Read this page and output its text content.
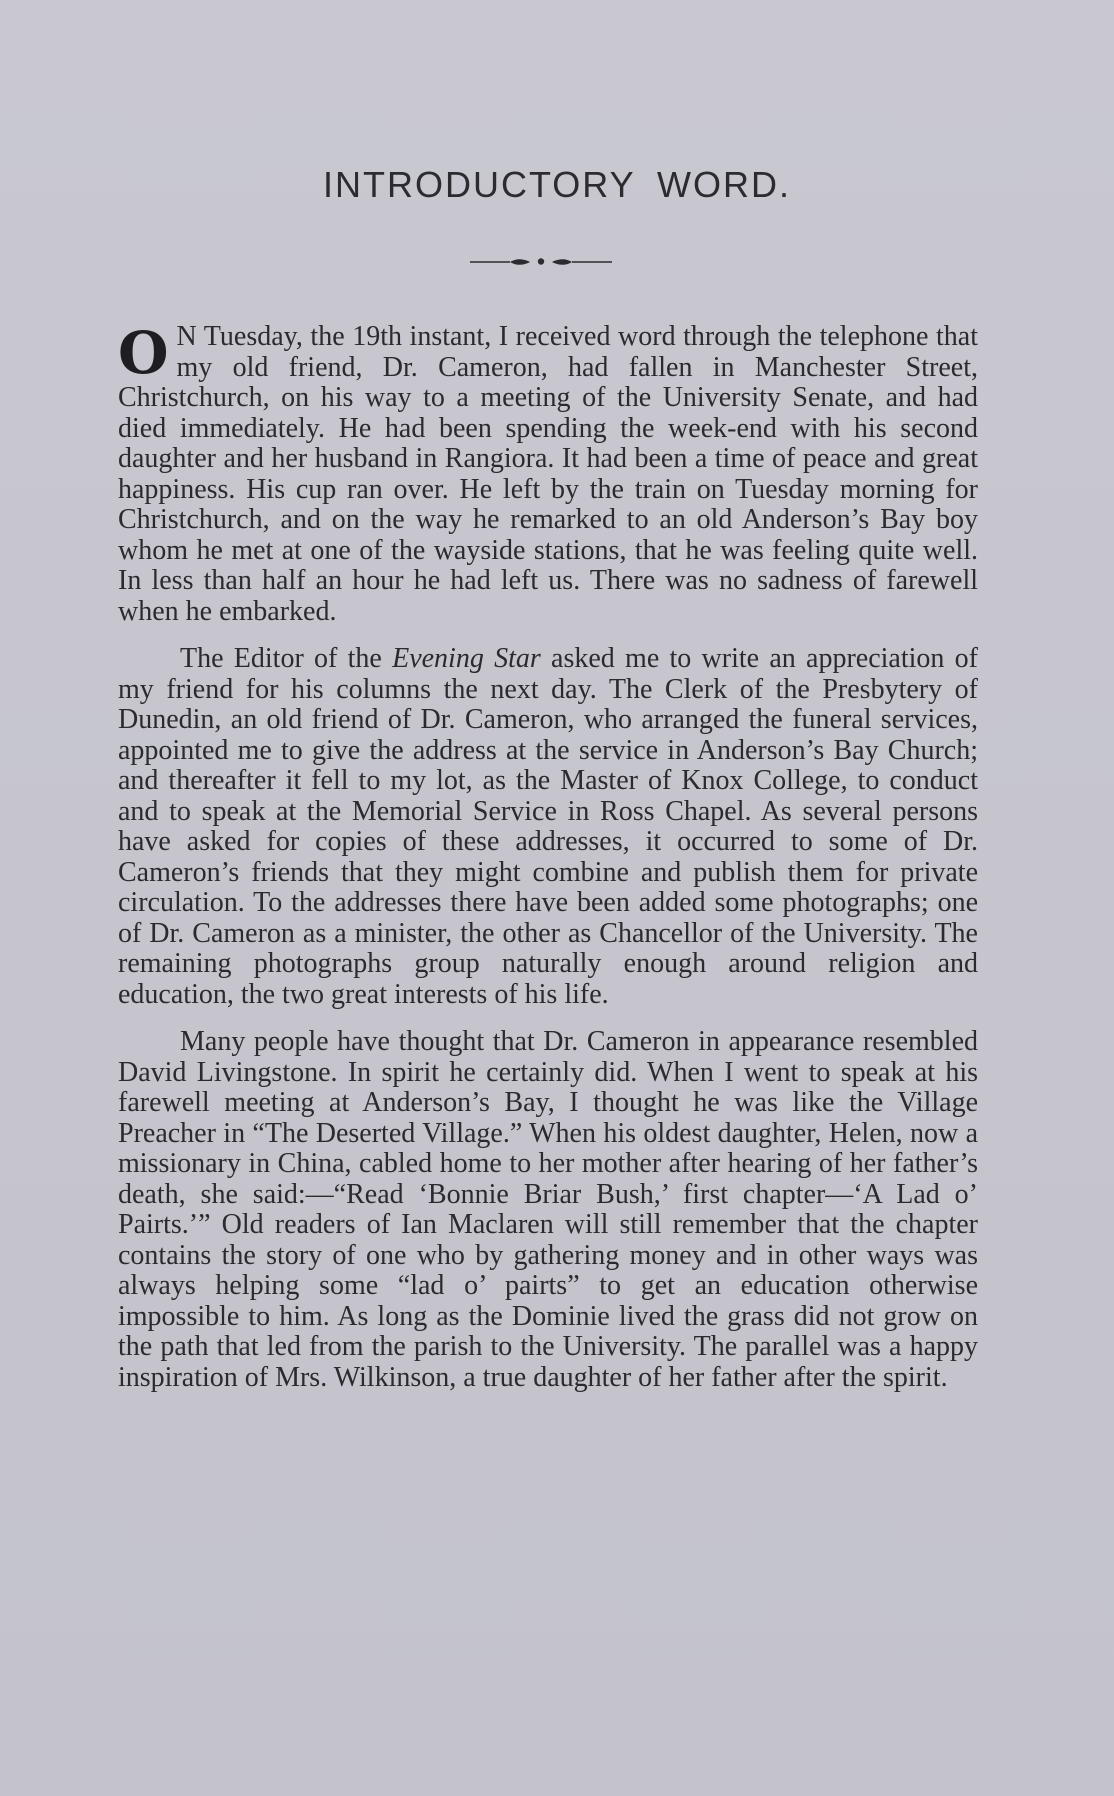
INTRODUCTORY WORD.

O N Tuesday, the 19th instant, I received word through the telephone that my old friend, Dr. Cameron, had fallen in Manchester Street, Christchurch, on his way to a meeting of the University Senate, and had died immediately. He had been spending the week-end with his second daughter and her husband in Rangiora. It had been a time of peace and great happiness. His cup ran over. He left by the train on Tuesday morning for Christchurch, and on the way he remarked to an old Anderson’s Bay boy whom he met at one of the wayside stations, that he was feeling quite well. In less than half an hour he had left us. There was no sadness of farewell when he embarked.

The Editor of the Evening Star asked me to write an appreciation of my friend for his columns the next day. The Clerk of the Presbytery of Dunedin, an old friend of Dr. Cameron, who arranged the funeral services, appointed me to give the address at the service in Anderson’s Bay Church; and thereafter it fell to my lot, as the Master of Knox College, to conduct and to speak at the Memorial Service in Ross Chapel. As several persons have asked for copies of these addresses, it occurred to some of Dr. Cameron’s friends that they might combine and publish them for private circulation. To the addresses there have been added some photographs; one of Dr. Cameron as a minister, the other as Chancellor of the University. The remaining photographs group naturally enough around religion and education, the two great interests of his life.

Many people have thought that Dr. Cameron in appearance resembled David Livingstone. In spirit he certainly did. When I went to speak at his farewell meeting at Anderson’s Bay, I thought he was like the Village Preacher in “The Deserted Village.” When his oldest daughter, Helen, now a missionary in China, cabled home to her mother after hearing of her father’s death, she said:—“Read ‘Bonnie Briar Bush,’ first chapter—‘A Lad o’ Pairts.’” Old readers of Ian Maclaren will still remember that the chapter contains the story of one who by gathering money and in other ways was always helping some “lad o’ pairts” to get an education otherwise impossible to him. As long as the Dominie lived the grass did not grow on the path that led from the parish to the University. The parallel was a happy inspiration of Mrs. Wilkinson, a true daughter of her father after the spirit.
